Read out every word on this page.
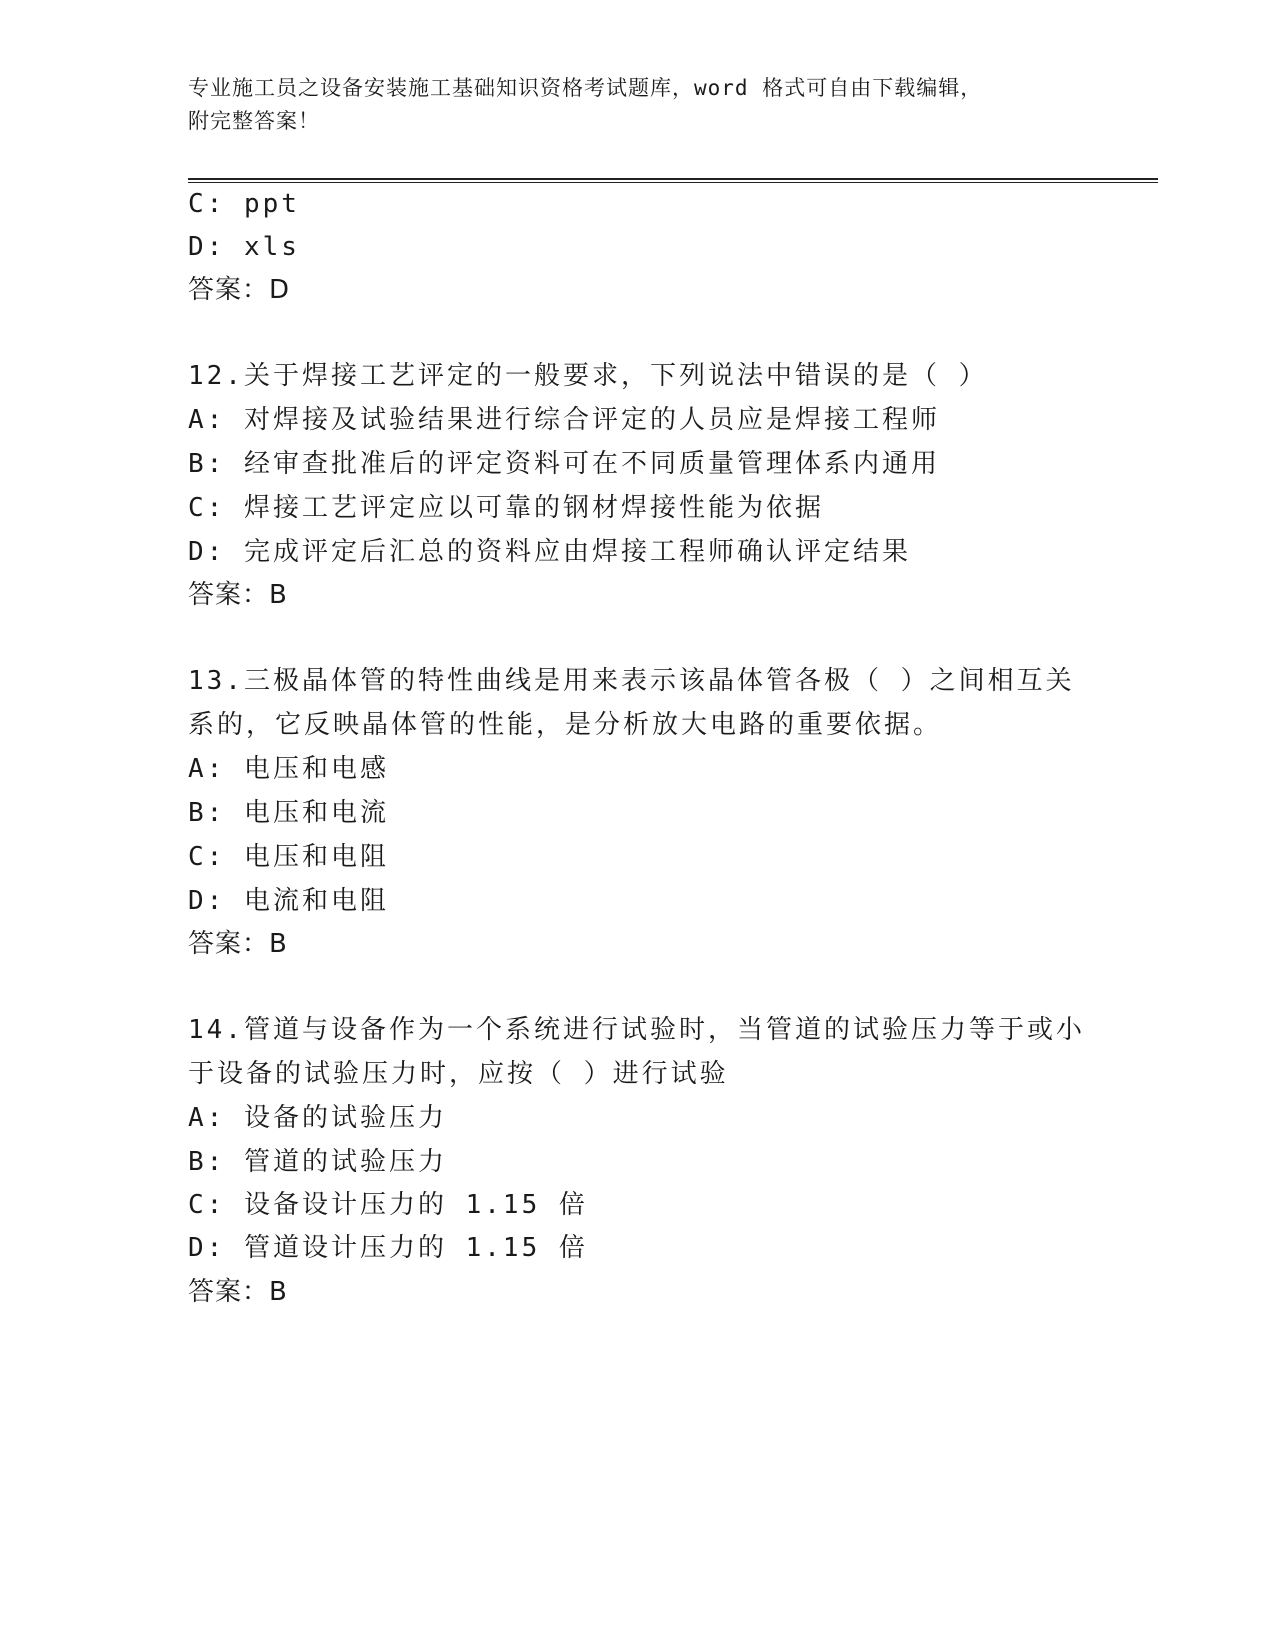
专业施工员之设备安装施工基础知识资格考试题库，word 格式可自由下载编辑，
附完整答案！
C: ppt
D: xls
答案：D
12.关于焊接工艺评定的一般要求，下列说法中错误的是（ ）
A: 对焊接及试验结果进行综合评定的人员应是焊接工程师
B: 经审查批准后的评定资料可在不同质量管理体系内通用
C: 焊接工艺评定应以可靠的钢材焊接性能为依据
D: 完成评定后汇总的资料应由焊接工程师确认评定结果
答案：B
13.三极晶体管的特性曲线是用来表示该晶体管各极（ ）之间相互关
系的，它反映晶体管的性能，是分析放大电路的重要依据。
A: 电压和电感
B: 电压和电流
C: 电压和电阻
D: 电流和电阻
答案：B
14.管道与设备作为一个系统进行试验时，当管道的试验压力等于或小
于设备的试验压力时，应按（ ）进行试验
A: 设备的试验压力
B: 管道的试验压力
C: 设备设计压力的 1.15 倍
D: 管道设计压力的 1.15 倍
答案：B
